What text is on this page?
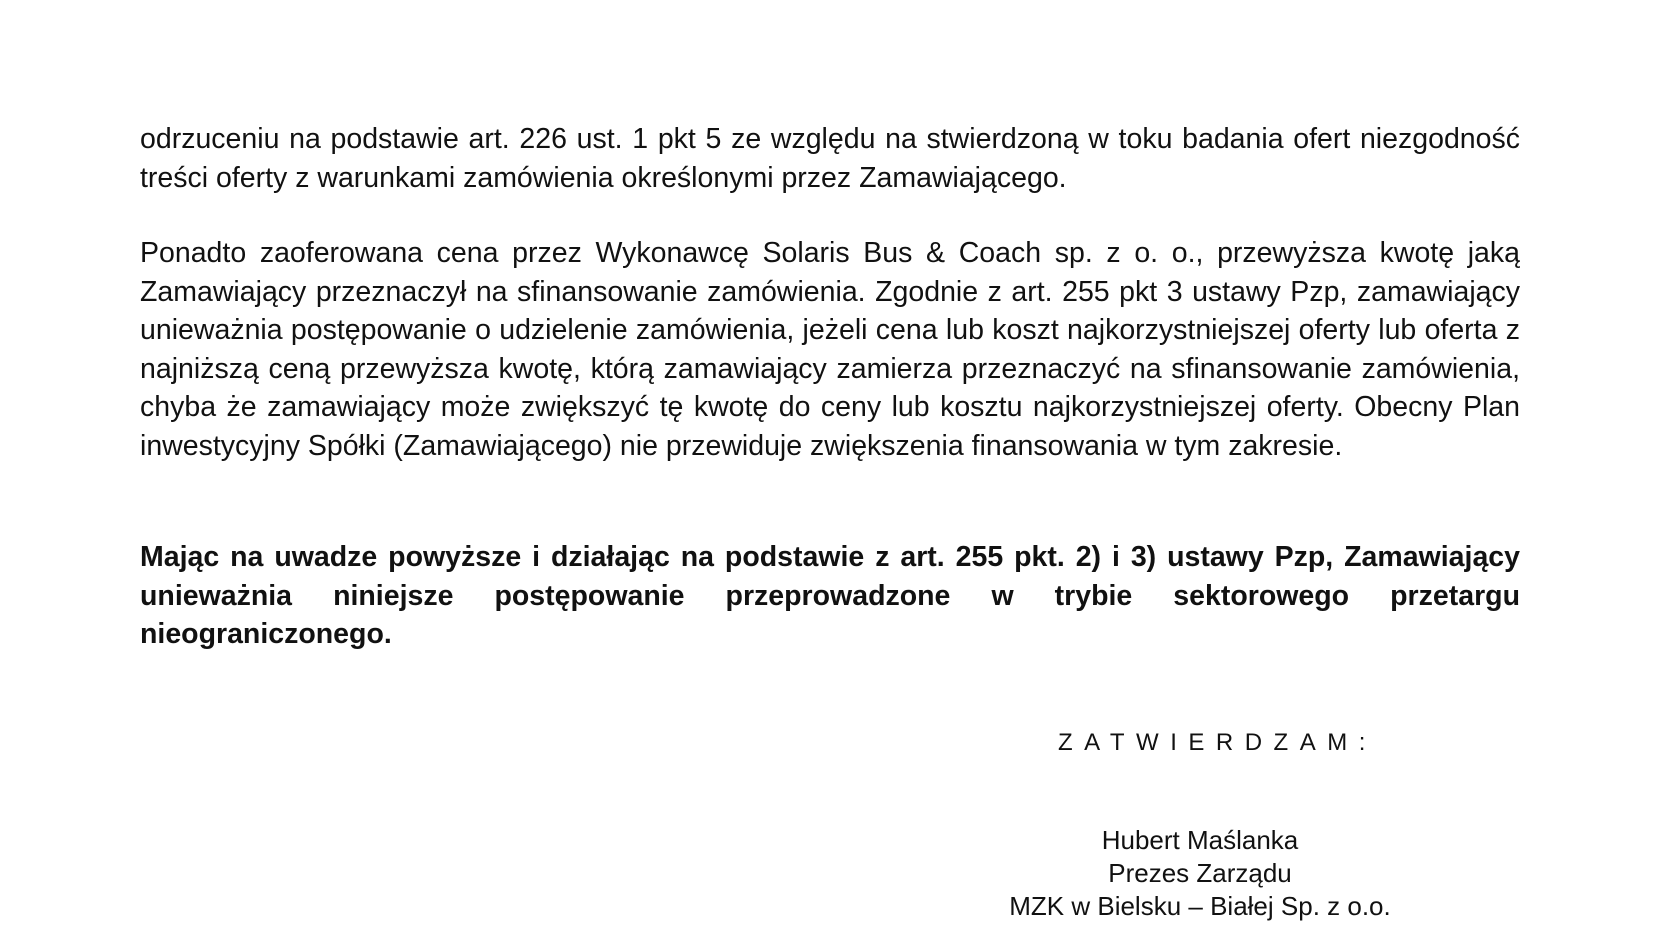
odrzuceniu na podstawie art. 226 ust. 1 pkt 5 ze względu na stwierdzoną w toku badania ofert niezgodność treści oferty z warunkami zamówienia określonymi przez Zamawiającego.

Ponadto zaoferowana cena przez Wykonawcę Solaris Bus & Coach sp. z o. o., przewyższa kwotę jaką Zamawiający przeznaczył na sfinansowanie zamówienia. Zgodnie z art. 255 pkt 3 ustawy Pzp, zamawiający unieważnia postępowanie o udzielenie zamówienia, jeżeli cena lub koszt najkorzystniejszej oferty lub oferta z najniższą ceną przewyższa kwotę, którą zamawiający zamierza przeznaczyć na sfinansowanie zamówienia, chyba że zamawiający może zwiększyć tę kwotę do ceny lub kosztu najkorzystniejszej oferty. Obecny Plan inwestycyjny Spółki (Zamawiającego) nie przewiduje zwiększenia finansowania w tym zakresie.

Mając na uwadze powyższe i działając na podstawie z art. 255 pkt. 2) i 3) ustawy Pzp, Zamawiający unieważnia niniejsze postępowanie przeprowadzone w trybie sektorowego przetargu nieograniczonego.

ZATWIERDZAM:

Hubert Maślanka
Prezes Zarządu
MZK w Bielsku – Białej Sp. z o.o.
